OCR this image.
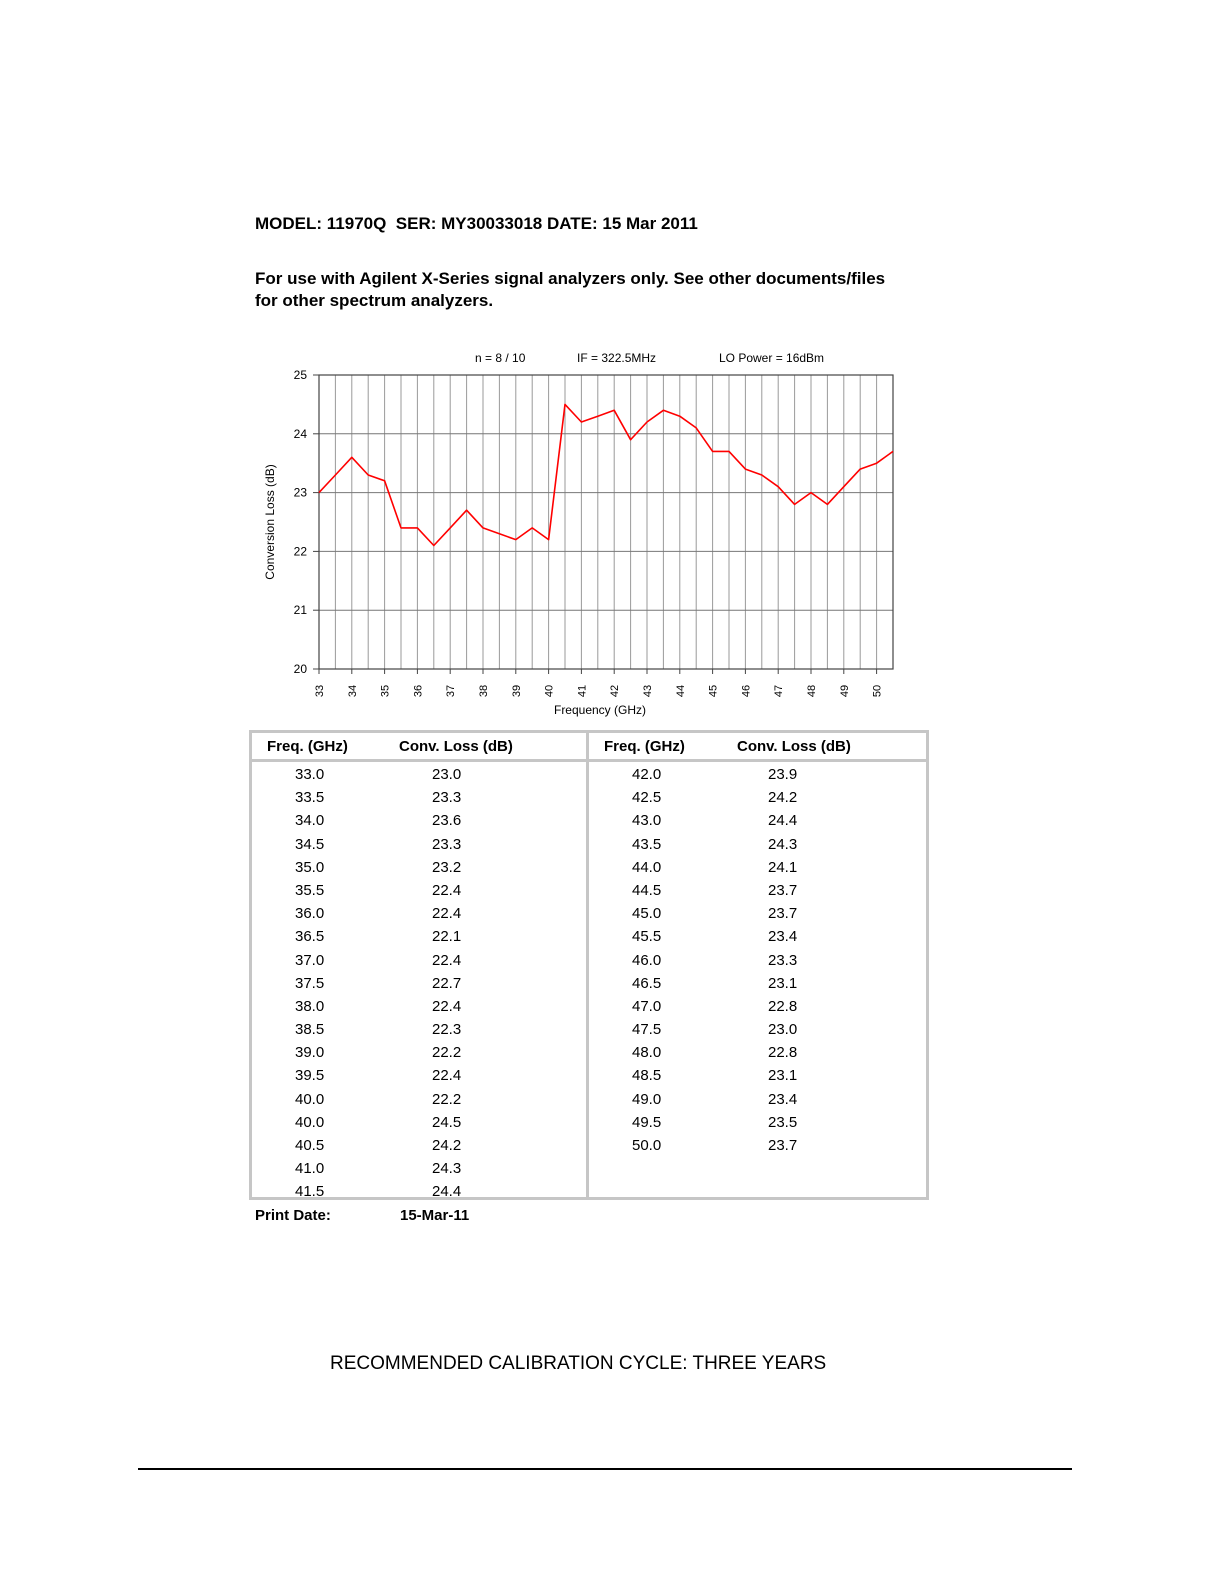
MODEL: 11970Q  SER: MY30033018 DATE: 15 Mar 2011
For use with Agilent X-Series signal analyzers only. See other documents/files
for other spectrum analyzers.
n = 8 / 10	IF = 322.5MHz	LO Power = 16dBm
20
21
22
23
24
25
33 34 35 36 37 38 39 40 41 42 43 44 45 46 47 48 49 50
Frequency (GHz)
Conversion Loss (dB)
Freq. (GHz)	Conv. Loss (dB)
33.0	23.0
33.5	23.3
34.0	23.6
34.5	23.3
35.0	23.2
35.5	22.4
36.0	22.4
36.5	22.1
37.0	22.4
37.5	22.7
38.0	22.4
38.5	22.3
39.0	22.2
39.5	22.4
40.0	22.2
40.0	24.5
40.5	24.2
41.0	24.3
41.5	24.4
Freq. (GHz)	Conv. Loss (dB)
42.0	23.9
42.5	24.2
43.0	24.4
43.5	24.3
44.0	24.1
44.5	23.7
45.0	23.7
45.5	23.4
46.0	23.3
46.5	23.1
47.0	22.8
47.5	23.0
48.0	22.8
48.5	23.1
49.0	23.4
49.5	23.5
50.0	23.7
Print Date:	15-Mar-11
RECOMMENDED CALIBRATION CYCLE: THREE YEARS
